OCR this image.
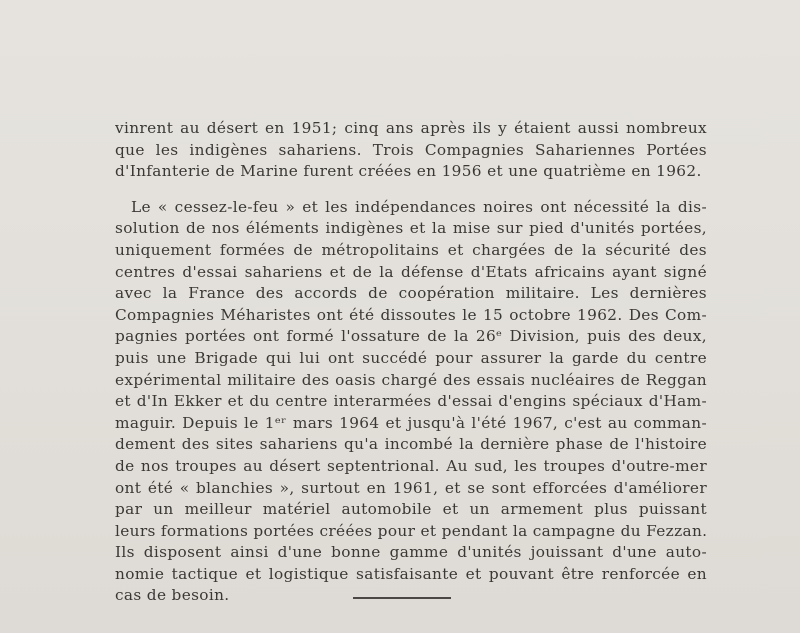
vinrent au désert en 1951; cinq ans après ils y étaient aussi nombreux
que les indigènes sahariens. Trois Compagnies Sahariennes Portées
d'Infanterie de Marine furent créées en 1956 et une quatrième en 1962.
Le « cessez-le-feu » et les indépendances noires ont nécessité la dis-
solution de nos éléments indigènes et la mise sur pied d'unités portées,
uniquement formées de métropolitains et chargées de la sécurité des
centres d'essai sahariens et de la défense d'Etats africains ayant signé
avec la France des accords de coopération militaire. Les dernières
Compagnies Méharistes ont été dissoutes le 15 octobre 1962. Des Com-
pagnies portées ont formé l'ossature de la 26ᵉ Division, puis des deux,
puis une Brigade qui lui ont succédé pour assurer la garde du centre
expérimental militaire des oasis chargé des essais nucléaires de Reggan
et d'In Ekker et du centre interarmées d'essai d'engins spéciaux d'Ham-
maguir. Depuis le 1ᵉʳ mars 1964 et jusqu'à l'été 1967, c'est au comman-
dement des sites sahariens qu'a incombé la dernière phase de l'histoire
de nos troupes au désert septentrional. Au sud, les troupes d'outre-mer
ont été « blanchies », surtout en 1961, et se sont efforcées d'améliorer
par un meilleur matériel automobile et un armement plus puissant
leurs formations portées créées pour et pendant la campagne du Fezzan.
Ils disposent ainsi d'une bonne gamme d'unités jouissant d'une auto-
nomie tactique et logistique satisfaisante et pouvant être renforcée en
cas de besoin.
